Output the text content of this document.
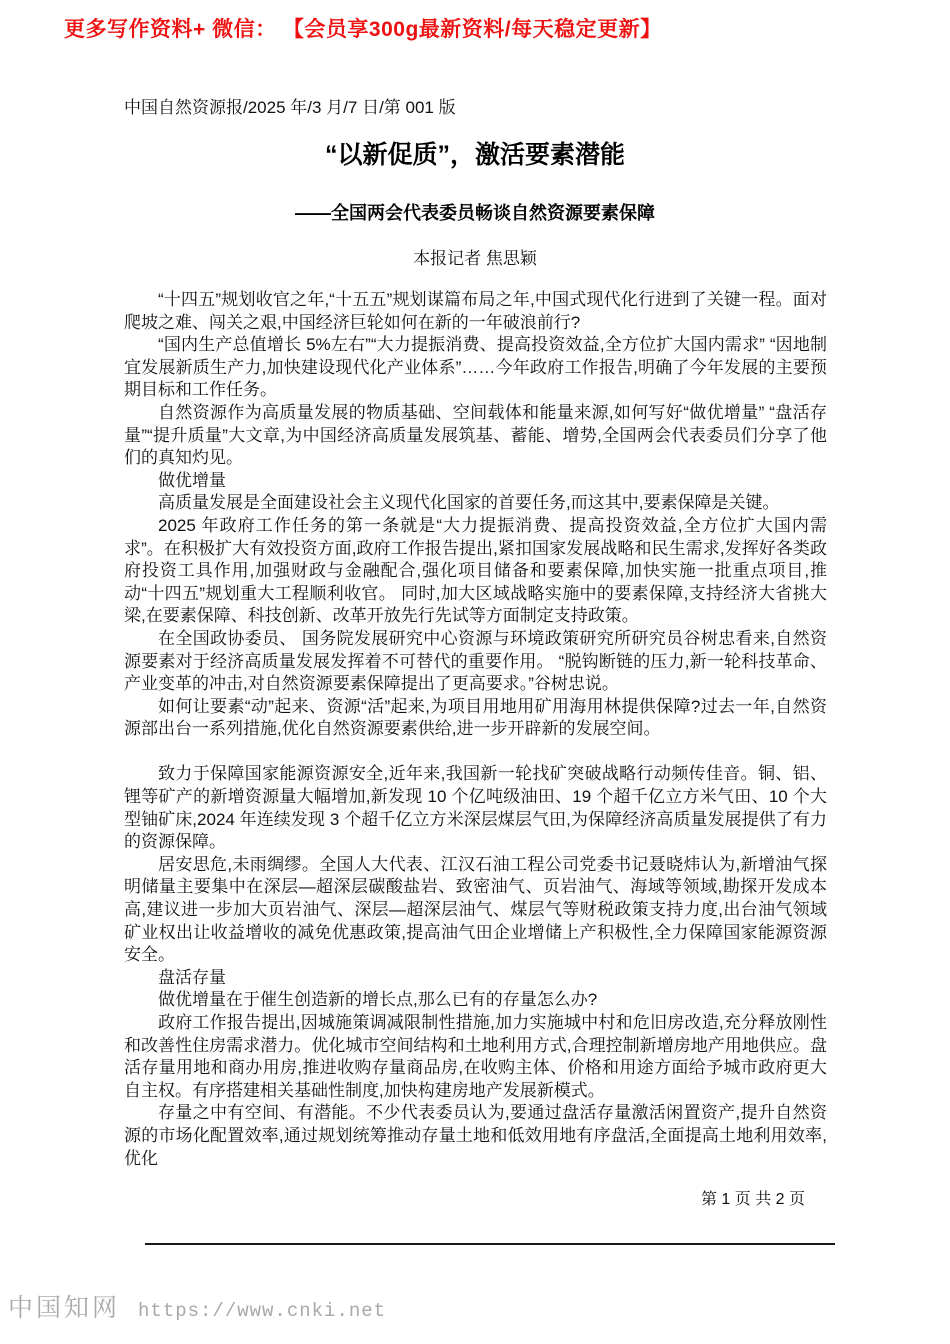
更多写作资料+ 微信： 【会员享300g最新资料/每天稳定更新】
中国自然资源报/2025 年/3 月/7 日/第 001 版
“以新促质”，激活要素潜能
——全国两会代表委员畅谈自然资源要素保障
本报记者 焦思颖

“十四五”规划收官之年,“十五五”规划谋篇布局之年,中国式现代化行进到了关键一程。面对爬坡之难、闯关之艰,中国经济巨轮如何在新的一年破浪前行?

“国内生产总值增长 5%左右”“大力提振消费、提高投资效益,全方位扩大国内需求” “因地制宜发展新质生产力,加快建设现代化产业体系”……今年政府工作报告,明确了今年发展的主要预期目标和工作任务。

自然资源作为高质量发展的物质基础、空间载体和能量来源,如何写好“做优增量” “盘活存量”“提升质量”大文章,为中国经济高质量发展筑基、蓄能、增势,全国两会代表委员们分享了他们的真知灼见。

做优增量

高质量发展是全面建设社会主义现代化国家的首要任务,而这其中,要素保障是关键。

2025 年政府工作任务的第一条就是“大力提振消费、提高投资效益,全方位扩大国内需求”。在积极扩大有效投资方面,政府工作报告提出,紧扣国家发展战略和民生需求,发挥好各类政府投资工具作用,加强财政与金融配合,强化项目储备和要素保障,加快实施一批重点项目,推动“十四五”规划重大工程顺利收官。 同时,加大区域战略实施中的要素保障,支持经济大省挑大梁,在要素保障、科技创新、改革开放先行先试等方面制定支持政策。

在全国政协委员、 国务院发展研究中心资源与环境政策研究所研究员谷树忠看来,自然资源要素对于经济高质量发展发挥着不可替代的重要作用。 “脱钩断链的压力,新一轮科技革命、产业变革的冲击,对自然资源要素保障提出了更高要求。”谷树忠说。

如何让要素“动”起来、资源“活”起来,为项目用地用矿用海用林提供保障?过去一年,自然资源部出台一系列措施,优化自然资源要素供给,进一步开辟新的发展空间。

致力于保障国家能源资源安全,近年来,我国新一轮找矿突破战略行动频传佳音。铜、铝、锂等矿产的新增资源量大幅增加,新发现 10 个亿吨级油田、19 个超千亿立方米气田、10 个大型铀矿床,2024 年连续发现 3 个超千亿立方米深层煤层气田,为保障经济高质量发展提供了有力的资源保障。

居安思危,未雨绸缪。全国人大代表、江汉石油工程公司党委书记聂晓炜认为,新增油气探明储量主要集中在深层—超深层碳酸盐岩、致密油气、页岩油气、海域等领域,勘探开发成本高,建议进一步加大页岩油气、深层—超深层油气、煤层气等财税政策支持力度,出台油气领域矿业权出让收益增收的减免优惠政策,提高油气田企业增储上产积极性,全力保障国家能源资源安全。

盘活存量

做优增量在于催生创造新的增长点,那么已有的存量怎么办?

政府工作报告提出,因城施策调减限制性措施,加力实施城中村和危旧房改造,充分释放刚性和改善性住房需求潜力。优化城市空间结构和土地利用方式,合理控制新增房地产用地供应。盘活存量用地和商办用房,推进收购存量商品房,在收购主体、价格和用途方面给予城市政府更大自主权。有序搭建相关基础性制度,加快构建房地产发展新模式。

存量之中有空间、有潜能。不少代表委员认为,要通过盘活存量激活闲置资产,提升自然资源的市场化配置效率,通过规划统筹推动存量土地和低效用地有序盘活,全面提高土地利用效率,优化

第 1 页 共 2 页
中国知网 https://www.cnki.net
